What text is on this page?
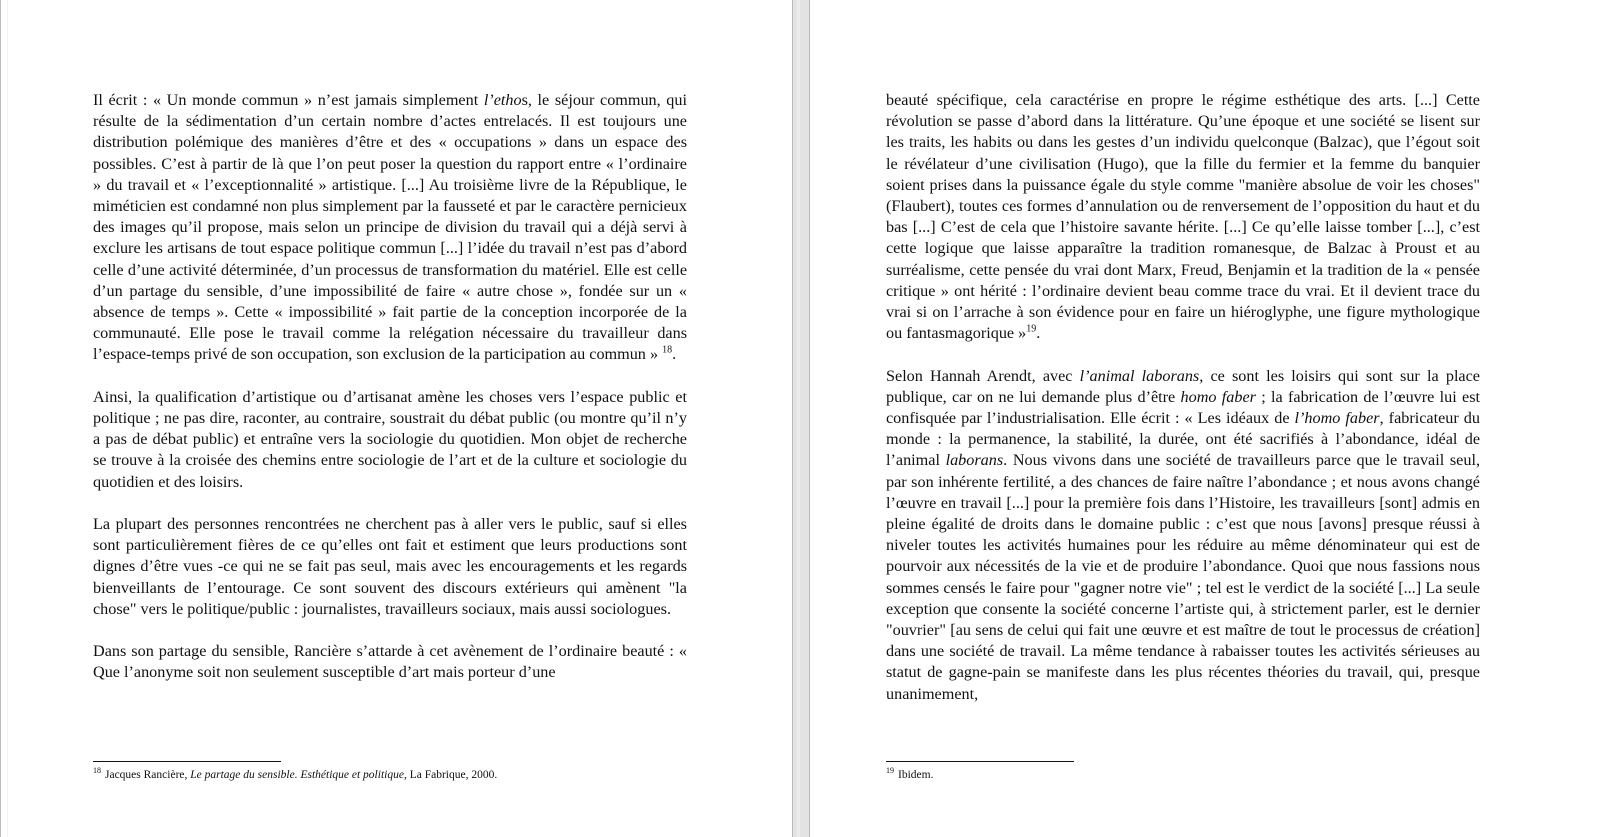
Il écrit : « Un monde commun » n’est jamais simplement l’ethos, le séjour commun, qui résulte de la sédimentation d’un certain nombre d’actes entrelacés. Il est toujours une distribution polémique des manières d’être et des « occupations » dans un espace des possibles. C’est à partir de là que l’on peut poser la question du rapport entre « l’ordinaire » du travail et « l’exceptionnalité » artistique. [...] Au troisième livre de la République, le miméticien est condamné non plus simplement par la fausseté et par le caractère pernicieux des images qu’il propose, mais selon un principe de division du travail qui a déjà servi à exclure les artisans de tout espace politique commun [...] l’idée du travail n’est pas d’abord celle d’une activité déterminée, d’un processus de transformation du matériel. Elle est celle d’un partage du sensible, d’une impossibilité de faire « autre chose », fondée sur un « absence de temps ». Cette « impossibilité » fait partie de la conception incorporée de la communauté. Elle pose le travail comme la relégation nécessaire du travailleur dans l’espace-temps privé de son occupation, son exclusion de la participation au commun » $^{18}$.

Ainsi, la qualification d’artistique ou d’artisanat amène les choses vers l’espace public et politique ; ne pas dire, raconter, au contraire, soustrait du débat public (ou montre qu’il n’y a pas de débat public) et entraîne vers la sociologie du quotidien. Mon objet de recherche se trouve à la croisée des chemins entre sociologie de l’art et de la culture et sociologie du quotidien et des loisirs.

La plupart des personnes rencontrées ne cherchent pas à aller vers le public, sauf si elles sont particulièrement fières de ce qu’elles ont fait et estiment que leurs productions sont dignes d’être vues -ce qui ne se fait pas seul, mais avec les encouragements et les regards bienveillants de l’entourage. Ce sont souvent des discours extérieurs qui amènent "la chose" vers le politique/public : journalistes, travailleurs sociaux, mais aussi sociologues.

Dans son partage du sensible, Rancière s’attarde à cet avènement de l’ordinaire beauté : « Que l’anonyme soit non seulement susceptible d’art mais porteur d’une

$^{18}$ Jacques Rancière, Le partage du sensible. Esthétique et politique, La Fabrique, 2000.

beauté spécifique, cela caractérise en propre le régime esthétique des arts. [...] Cette révolution se passe d’abord dans la littérature. Qu’une époque et une société se lisent sur les traits, les habits ou dans les gestes d’un individu quelconque (Balzac), que l’égout soit le révélateur d’une civilisation (Hugo), que la fille du fermier et la femme du banquier soient prises dans la puissance égale du style comme "manière absolue de voir les choses" (Flaubert), toutes ces formes d’annulation ou de renversement de l’opposition du haut et du bas [...] C’est de cela que l’histoire savante hérite. [...] Ce qu’elle laisse tomber [...], c’est cette logique que laisse apparaître la tradition romanesque, de Balzac à Proust et au surréalisme, cette pensée du vrai dont Marx, Freud, Benjamin et la tradition de la « pensée critique » ont hérité : l’ordinaire devient beau comme trace du vrai. Et il devient trace du vrai si on l’arrache à son évidence pour en faire un hiéroglyphe, une figure mythologique ou fantasmagorique »$^{19}$.

Selon Hannah Arendt, avec l’animal laborans, ce sont les loisirs qui sont sur la place publique, car on ne lui demande plus d’être homo faber ; la fabrication de l’œuvre lui est confisquée par l’industrialisation. Elle écrit : « Les idéaux de l’homo faber, fabricateur du monde : la permanence, la stabilité, la durée, ont été sacrifiés à l’abondance, idéal de l’animal laborans. Nous vivons dans une société de travailleurs parce que le travail seul, par son inhérente fertilité, a des chances de faire naître l’abondance ; et nous avons changé l’œuvre en travail [...] pour la première fois dans l’Histoire, les travailleurs [sont] admis en pleine égalité de droits dans le domaine public : c’est que nous [avons] presque réussi à niveler toutes les activités humaines pour les réduire au même dénominateur qui est de pourvoir aux nécessités de la vie et de produire l’abondance. Quoi que nous fassions nous sommes censés le faire pour "gagner notre vie" ; tel est le verdict de la société [...] La seule exception que consente la société concerne l’artiste qui, à strictement parler, est le dernier "ouvrier" [au sens de celui qui fait une œuvre et est maître de tout le processus de création] dans une société de travail. La même tendance à rabaisser toutes les activités sérieuses au statut de gagne-pain se manifeste dans les plus récentes théories du travail, qui, presque unanimement,

$^{19}$ Ibidem.
